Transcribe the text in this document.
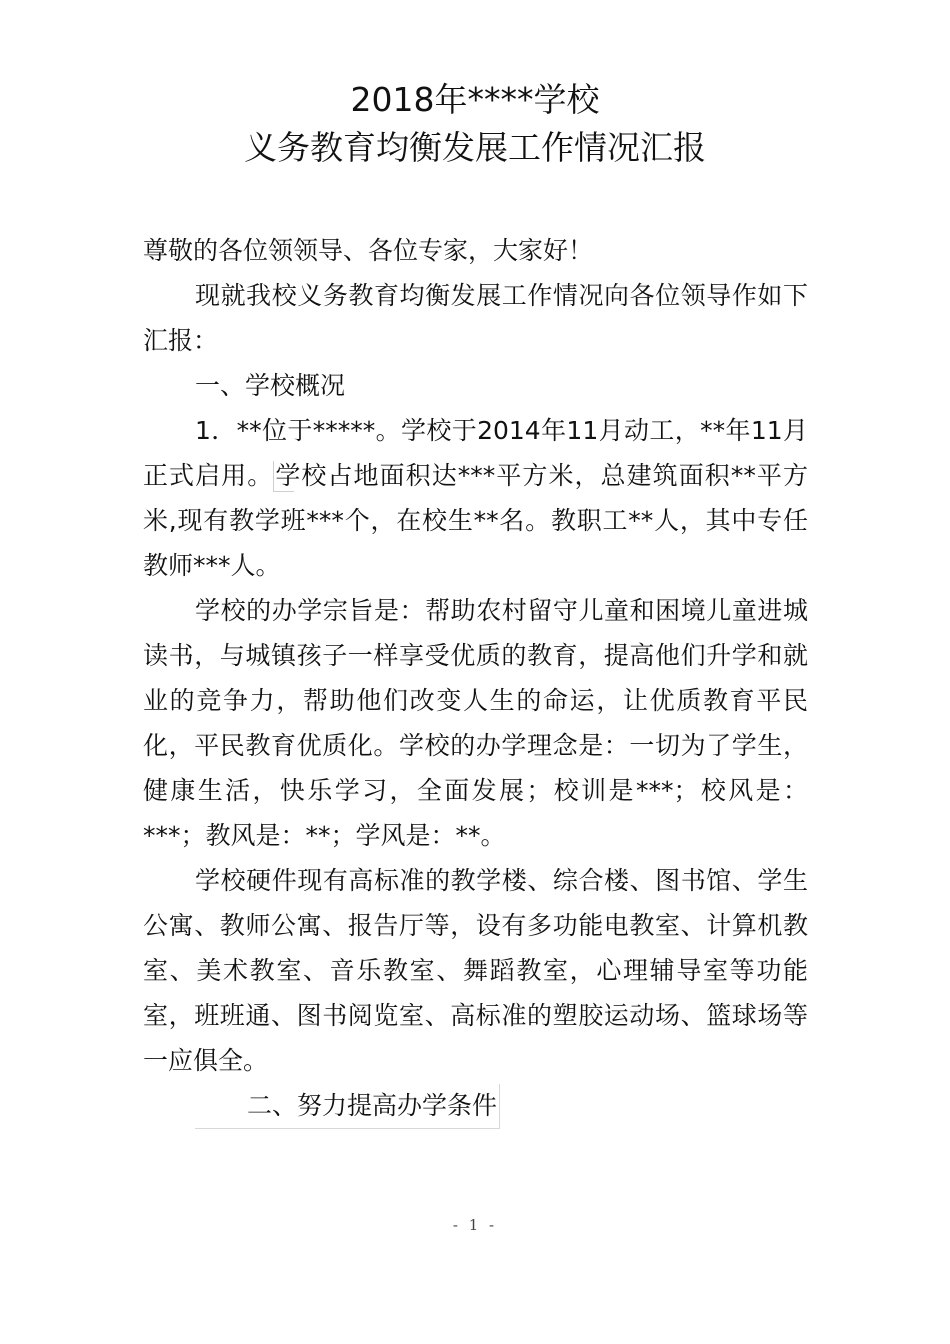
2018年****学校
义务教育均衡发展工作情况汇报

尊敬的各位领领导、各位专家，大家好！

现就我校义务教育均衡发展工作情况向各位领导作如下汇报：

一、学校概况

1．**位于*****。学校于2014年11月动工，**年11月正式启用。学校占地面积达***平方米，总建筑面积**平方米,现有教学班***个，在校生**名。教职工**人，其中专任教师***人。

学校的办学宗旨是：帮助农村留守儿童和困境儿童进城读书，与城镇孩子一样享受优质的教育，提高他们升学和就业的竞争力，帮助他们改变人生的命运，让优质教育平民化，平民教育优质化。学校的办学理念是：一切为了学生，健康生活，快乐学习，全面发展；校训是***；校风是：***；教风是：**；学风是：**。

学校硬件现有高标准的教学楼、综合楼、图书馆、学生公寓、教师公寓、报告厅等，设有多功能电教室、计算机教室、美术教室、音乐教室、舞蹈教室，心理辅导室等功能室，班班通、图书阅览室、高标准的塑胶运动场、篮球场等一应俱全。

二、努力提高办学条件

- 1 -
